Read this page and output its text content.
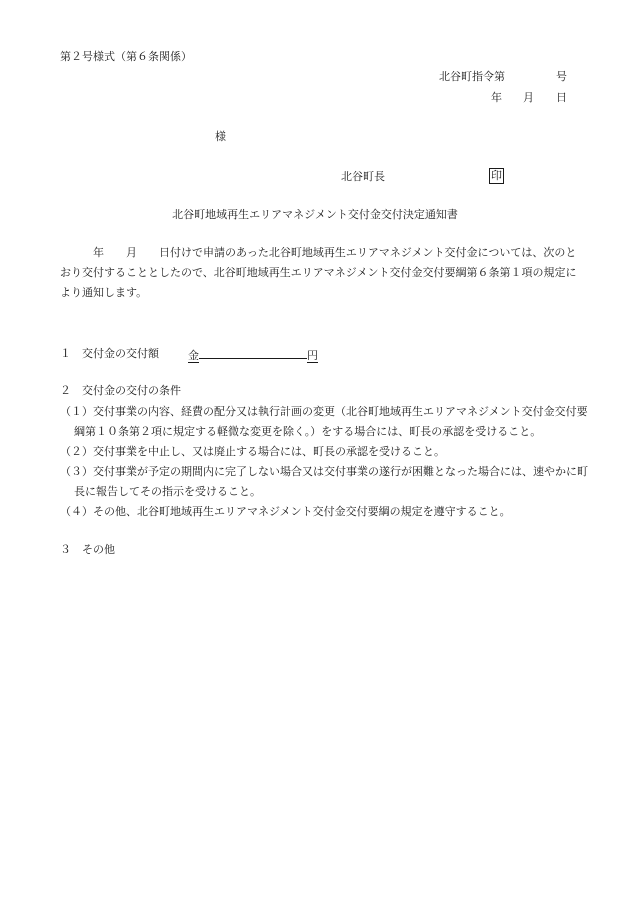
第２号様式（第６条関係）
北谷町指令第	号
年 月 日
様
北谷町長	印
北谷町地域再生エリアマネジメント交付金交付決定通知書
年 月 日付けで申請のあった北谷町地域再生エリアマネジメント交付金については、次のとおり交付することとしたので、北谷町地域再生エリアマネジメント交付金交付要綱第６条第１項の規定により通知します。
１　交付金の交付額	金	円
２　交付金の交付の条件
（１）交付事業の内容、経費の配分又は執行計画の変更（北谷町地域再生エリアマネジメント交付金交付要綱第１０条第２項に規定する軽微な変更を除く。）をする場合には、町長の承認を受けること。
（２）交付事業を中止し、又は廃止する場合には、町長の承認を受けること。
（３）交付事業が予定の期間内に完了しない場合又は交付事業の遂行が困難となった場合には、速やかに町長に報告してその指示を受けること。
（４）その他、北谷町地域再生エリアマネジメント交付金交付要綱の規定を遵守すること。
３　その他
